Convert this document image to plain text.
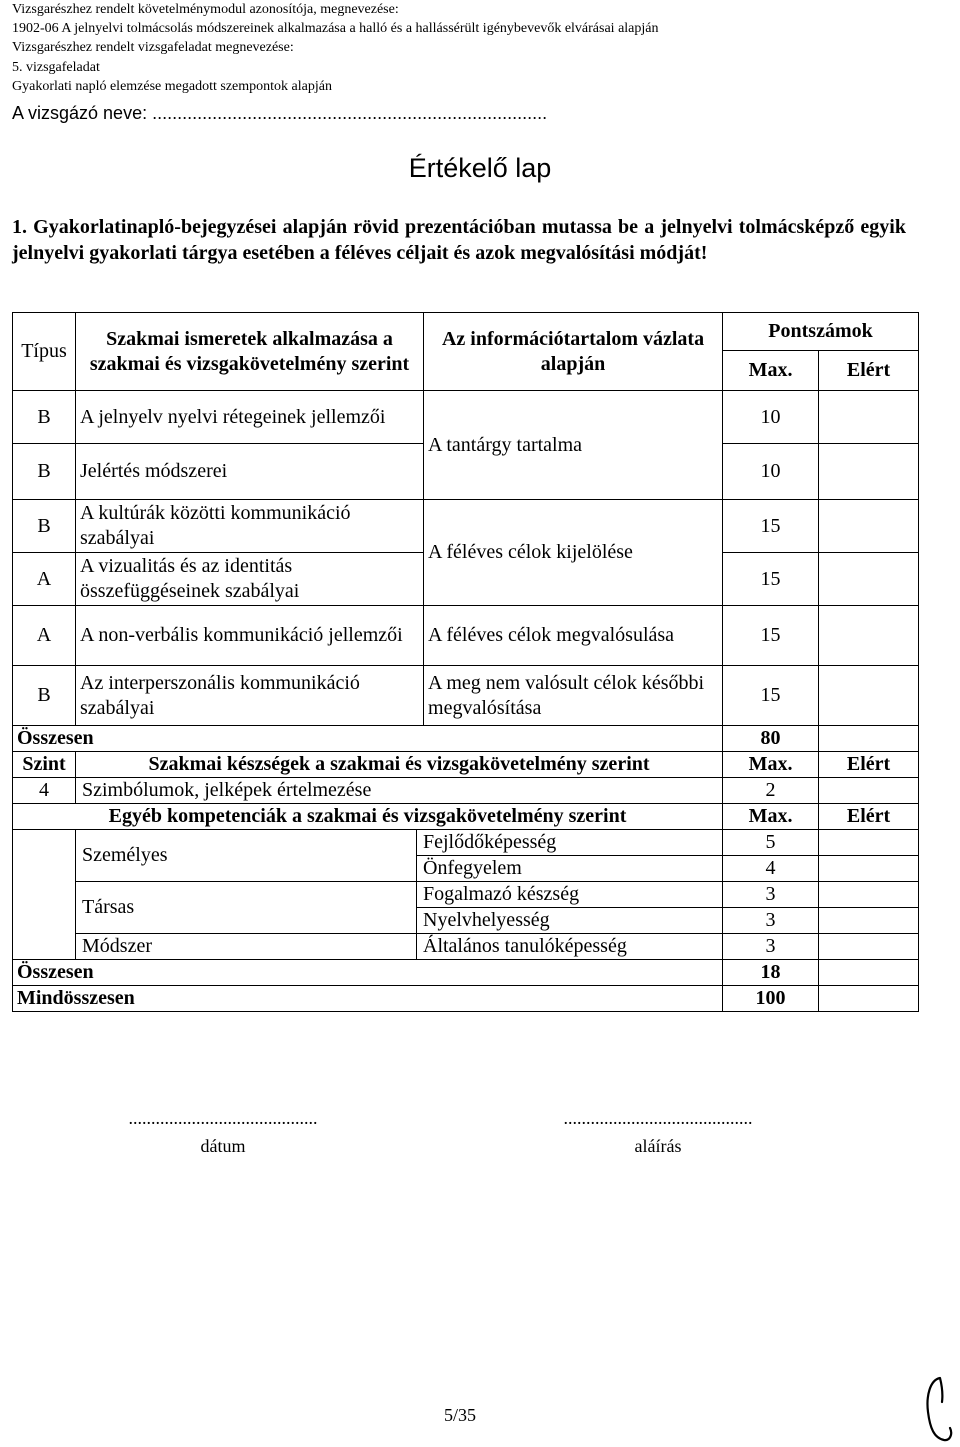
Vizsgarészhez rendelt követelménymodul azonosítója, megnevezése:
1902-06 A jelnyelvi tolmácsolás módszereinek alkalmazása a halló és a hallássérült igénybevevők elvárásai alapján
Vizsgarészhez rendelt vizsgafeladat megnevezése:
5. vizsgafeladat
Gyakorlati napló elemzése megadott szempontok alapján
A vizsgázó neve: ...............................................................................
Értékelő lap
1. Gyakorlatinapló-bejegyzései alapján rövid prezentációban mutassa be a jelnyelvi tolmácsképző egyik jelnyelvi gyakorlati tárgya esetében a féléves céljait és azok megvalósítási módját!
Típus	Szakmai ismeretek alkalmazása a szakmai és vizsgakövetelmény szerint		Az információtartalom vázlata alapján	Pontszámok	
				Max.	Elért
B	A jelnyelv nyelvi rétegeinek jellemzői		A tantárgy tartalma	10	
B	Jelértés módszerei			10	
B	A kultúrák közötti kommunikáció szabályai		A féléves célok kijelölése	15	
A	A vizualitás és az identitás összefüggéseinek szabályai			15	
A	A non-verbális kommunikáció jellemzői		A féléves célok megvalósulása	15	
B	Az interperszonális kommunikáció szabályai		A meg nem valósult célok későbbi megvalósítása	15	
Összesen				80	
Szint	Szakmai készségek a szakmai és vizsgakövetelmény szerint			Max.	Elért
4	Szimbólumok, jelképek értelmezése			2	
Egyéb kompetenciák a szakmai és vizsgakövetelmény szerint				Max.	Elért
	Személyes	Fejlődőképesség		5	
		Önfegyelem		4	
	Társas	Fogalmazó készség		3	
		Nyelvhelyesség		3	
	Módszer	Általános tanulóképesség		3	
Összesen				18	
Mindösszesen				100	
..........................................
dátum
..........................................
aláírás
5/35
